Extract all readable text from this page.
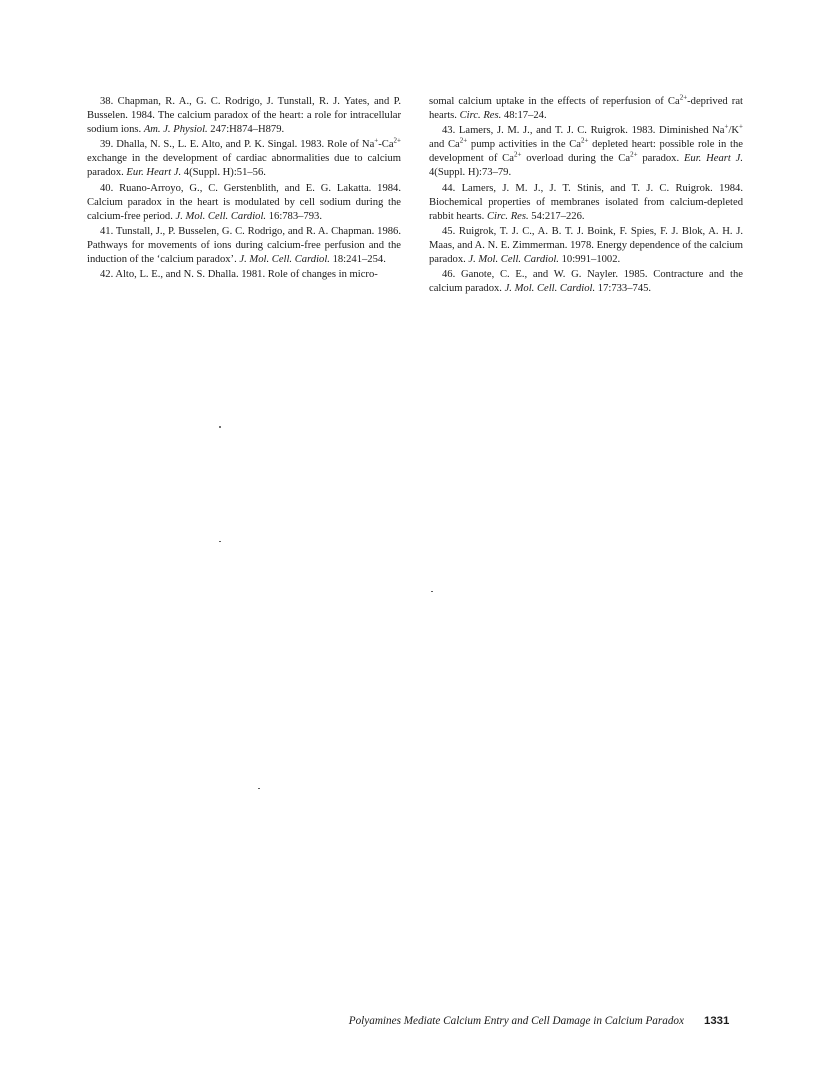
38. Chapman, R. A., G. C. Rodrigo, J. Tunstall, R. J. Yates, and P. Busselen. 1984. The calcium paradox of the heart: a role for intracellular sodium ions. Am. J. Physiol. 247:H874–H879.

39. Dhalla, N. S., L. E. Alto, and P. K. Singal. 1983. Role of $Na^+-Ca^{2+}$ exchange in the development of cardiac abnormalities due to calcium paradox. Eur. Heart J. 4(Suppl. H):51–56.

40. Ruano-Arroyo, G., C. Gerstenblith, and E. G. Lakatta. 1984. Calcium paradox in the heart is modulated by cell sodium during the calcium-free period. J. Mol. Cell. Cardiol. 16:783–793.

41. Tunstall, J., P. Busselen, G. C. Rodrigo, and R. A. Chapman. 1986. Pathways for movements of ions during calcium-free perfusion and the induction of the ‘calcium paradox’. J. Mol. Cell. Cardiol. 18:241–254.

42. Alto, L. E., and N. S. Dhalla. 1981. Role of changes in micro-

somal calcium uptake in the effects of reperfusion of $Ca^{2+}$-deprived rat hearts. Circ. Res. 48:17–24.

43. Lamers, J. M. J., and T. J. C. Ruigrok. 1983. Diminished Na+/K+ and $Ca^{2+}$ pump activities in the $Ca^{2+}$ depleted heart: possible role in the development of $Ca^{2+}$ overload during the $Ca^{2+}$ paradox. Eur. Heart J. 4(Suppl. H):73–79.

44. Lamers, J. M. J., J. T. Stinis, and T. J. C. Ruigrok. 1984. Biochemical properties of membranes isolated from calcium-depleted rabbit hearts. Circ. Res. 54:217–226.

45. Ruigrok, T. J. C., A. B. T. J. Boink, F. Spies, F. J. Blok, A. H. J. Maas, and A. N. E. Zimmerman. 1978. Energy dependence of the calcium paradox. J. Mol. Cell. Cardiol. 10:991–1002.

46. Ganote, C. E., and W. G. Nayler. 1985. Contracture and the calcium paradox. J. Mol. Cell. Cardiol. 17:733–745.

Polyamines Mediate Calcium Entry and Cell Damage in Calcium Paradox 1331
